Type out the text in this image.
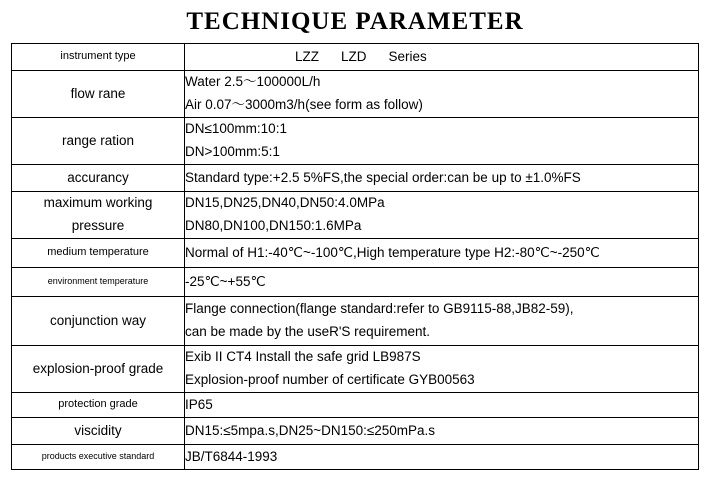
TECHNIQUE PARAMETER
instrument type	LZZ LZD Series
flow rane	Water 2.5～100000L/h
Air 0.07～3000m3/h(see form as follow)

range ration	DN≤100mm:10:1
DN>100mm:5:1

accurancy	Standard type:+2.5 5%FS,the special order:can be up to ±1.0%FS

maximum working
pressure	DN15,DN25,DN40,DN50:4.0MPa
DN80,DN100,DN150:1.6MPa

medium temperature	Normal of H1:-40℃~-100℃,High temperature type H2:-80℃~-250℃
environment temperature	-25℃~+55℃
conjunction way	Flange connection(flange standard:refer to GB9115-88,JB82-59),
can be made by the useR'S requirement.

explosion-proof grade	Exib II CT4 Install the safe grid LB987S
Explosion-proof number of certificate GYB00563

protection grade	IP65
viscidity	DN15:≤5mpa.s,DN25~DN150:≤250mPa.s
products executive standard	JB/T6844-1993
